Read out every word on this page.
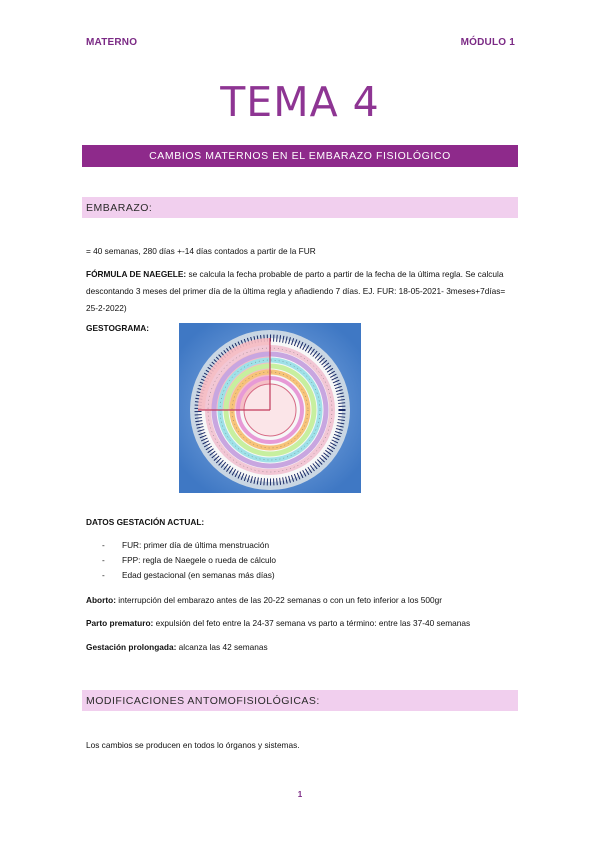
MATERNO	MÓDULO 1
TEMA 4
CAMBIOS MATERNOS EN EL EMBARAZO FISIOLÓGICO
EMBARAZO:
= 40 semanas, 280 días +-14 días contados a partir de la FUR
FÓRMULA DE NAEGELE: se calcula la fecha probable de parto a partir de la fecha de la última regla. Se calcula descontando 3 meses del primer día de la última regla y añadiendo 7 días. EJ. FUR: 18-05-2021- 3meses+7días= 25-2-2022)
GESTOGRAMA:
DATOS GESTACIÓN ACTUAL:
- FUR: primer día de última menstruación
- FPP: regla de Naegele o rueda de cálculo
- Edad gestacional (en semanas más días)
Aborto: interrupción del embarazo antes de las 20-22 semanas o con un feto inferior a los 500gr
Parto prematuro: expulsión del feto entre la 24-37 semana vs parto a término: entre las 37-40 semanas
Gestación prolongada: alcanza las 42 semanas
MODIFICACIONES ANTOMOFISIOLÓGICAS:
Los cambios se producen en todos lo órganos y sistemas.
1
